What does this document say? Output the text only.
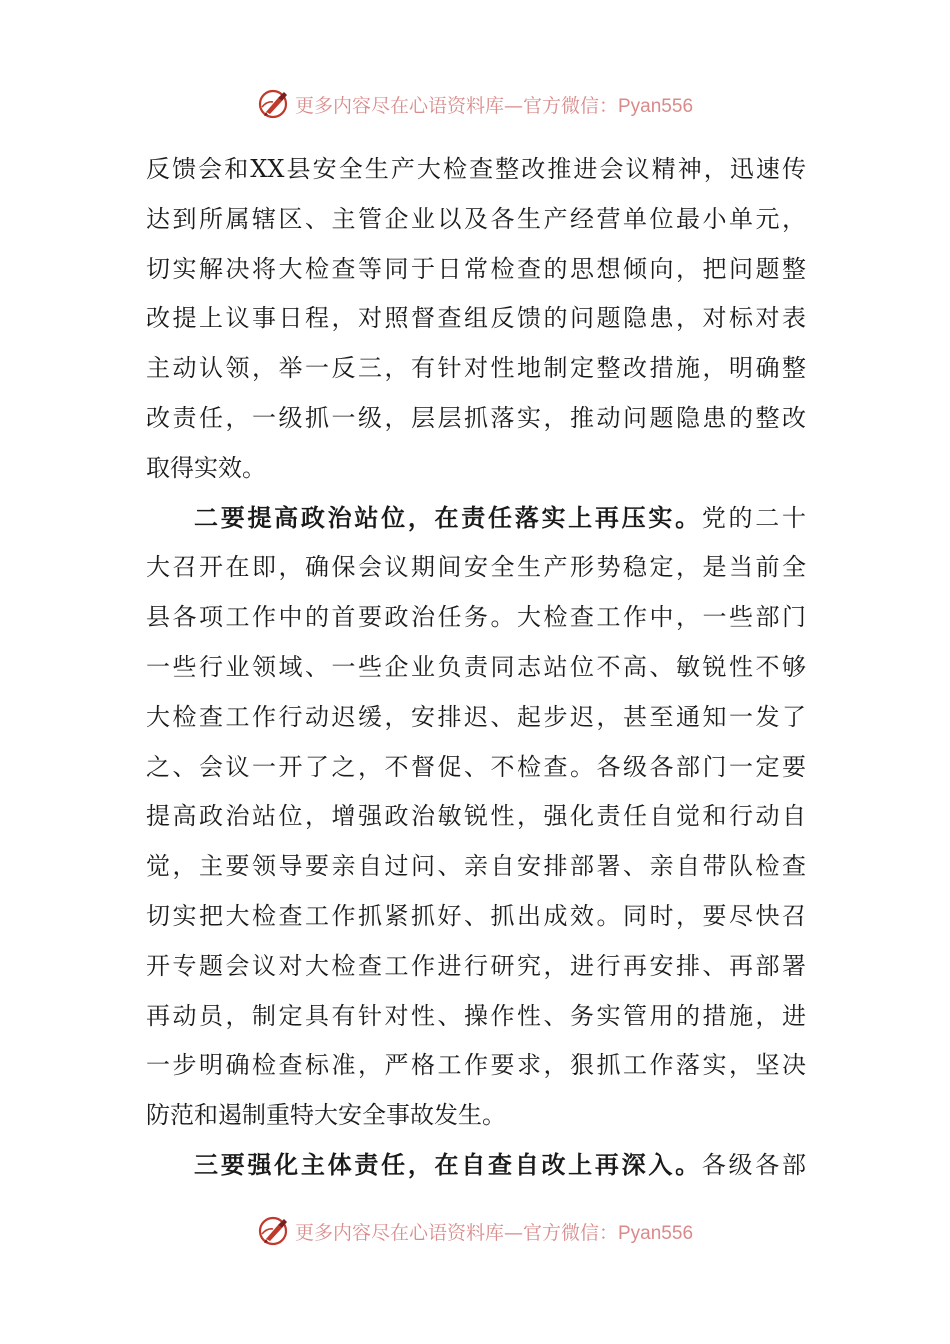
更多内容尽在心语资料库—官方微信：Pyan556
反馈会和XX县安全生产大检查整改推进会议精神，迅速传
达到所属辖区、主管企业以及各生产经营单位最小单元，
切实解决将大检查等同于日常检查的思想倾向，把问题整
改提上议事日程，对照督查组反馈的问题隐患，对标对表
主动认领，举一反三，有针对性地制定整改措施，明确整
改责任，一级抓一级，层层抓落实，推动问题隐患的整改
取得实效。
二要提高政治站位，在责任落实上再压实。党的二十
大召开在即，确保会议期间安全生产形势稳定，是当前全
县各项工作中的首要政治任务。大检查工作中，一些部门
一些行业领域、一些企业负责同志站位不高、敏锐性不够
大检查工作行动迟缓，安排迟、起步迟，甚至通知一发了
之、会议一开了之，不督促、不检查。各级各部门一定要
提高政治站位，增强政治敏锐性，强化责任自觉和行动自
觉，主要领导要亲自过问、亲自安排部署、亲自带队检查
切实把大检查工作抓紧抓好、抓出成效。同时，要尽快召
开专题会议对大检查工作进行研究，进行再安排、再部署
再动员，制定具有针对性、操作性、务实管用的措施，进
一步明确检查标准，严格工作要求，狠抓工作落实，坚决
防范和遏制重特大安全事故发生。
三要强化主体责任，在自查自改上再深入。各级各部
更多内容尽在心语资料库—官方微信：Pyan556
